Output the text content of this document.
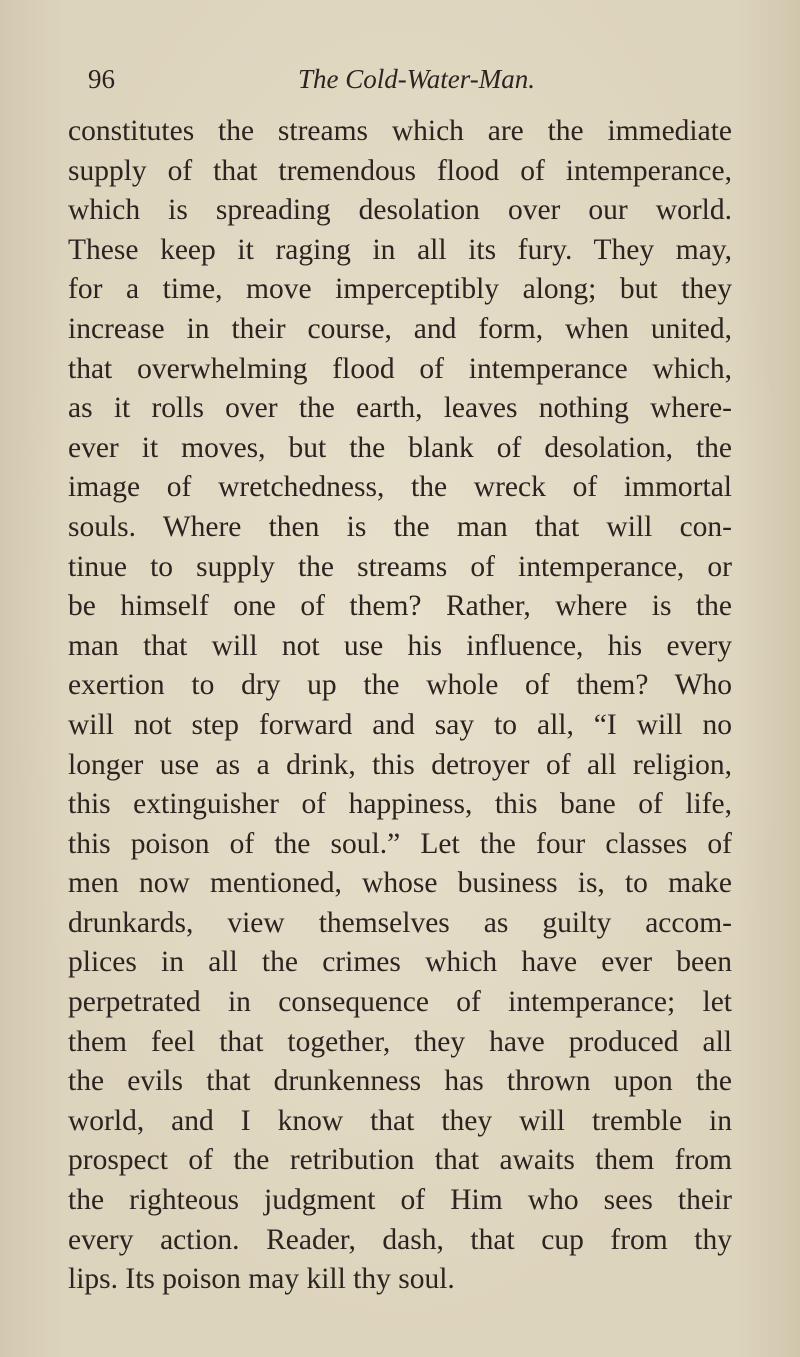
96	The Cold-Water-Man.
constitutes the streams which are the immediate
supply of that tremendous flood of intemperance,
which is spreading desolation over our world.
These keep it raging in all its fury. They may,
for a time, move imperceptibly along; but they
increase in their course, and form, when united,
that overwhelming flood of intemperance which,
as it rolls over the earth, leaves nothing where-
ever it moves, but the blank of desolation, the
image of wretchedness, the wreck of immortal
souls. Where then is the man that will con-
tinue to supply the streams of intemperance, or
be himself one of them? Rather, where is the
man that will not use his influence, his every
exertion to dry up the whole of them? Who
will not step forward and say to all, “I will no
longer use as a drink, this detroyer of all religion,
this extinguisher of happiness, this bane of life,
this poison of the soul.” Let the four classes of
men now mentioned, whose business is, to make
drunkards, view themselves as guilty accom-
plices in all the crimes which have ever been
perpetrated in consequence of intemperance; let
them feel that together, they have produced all
the evils that drunkenness has thrown upon the
world, and I know that they will tremble in
prospect of the retribution that awaits them from
the righteous judgment of Him who sees their
every action. Reader, dash, that cup from thy
lips. Its poison may kill thy soul.
